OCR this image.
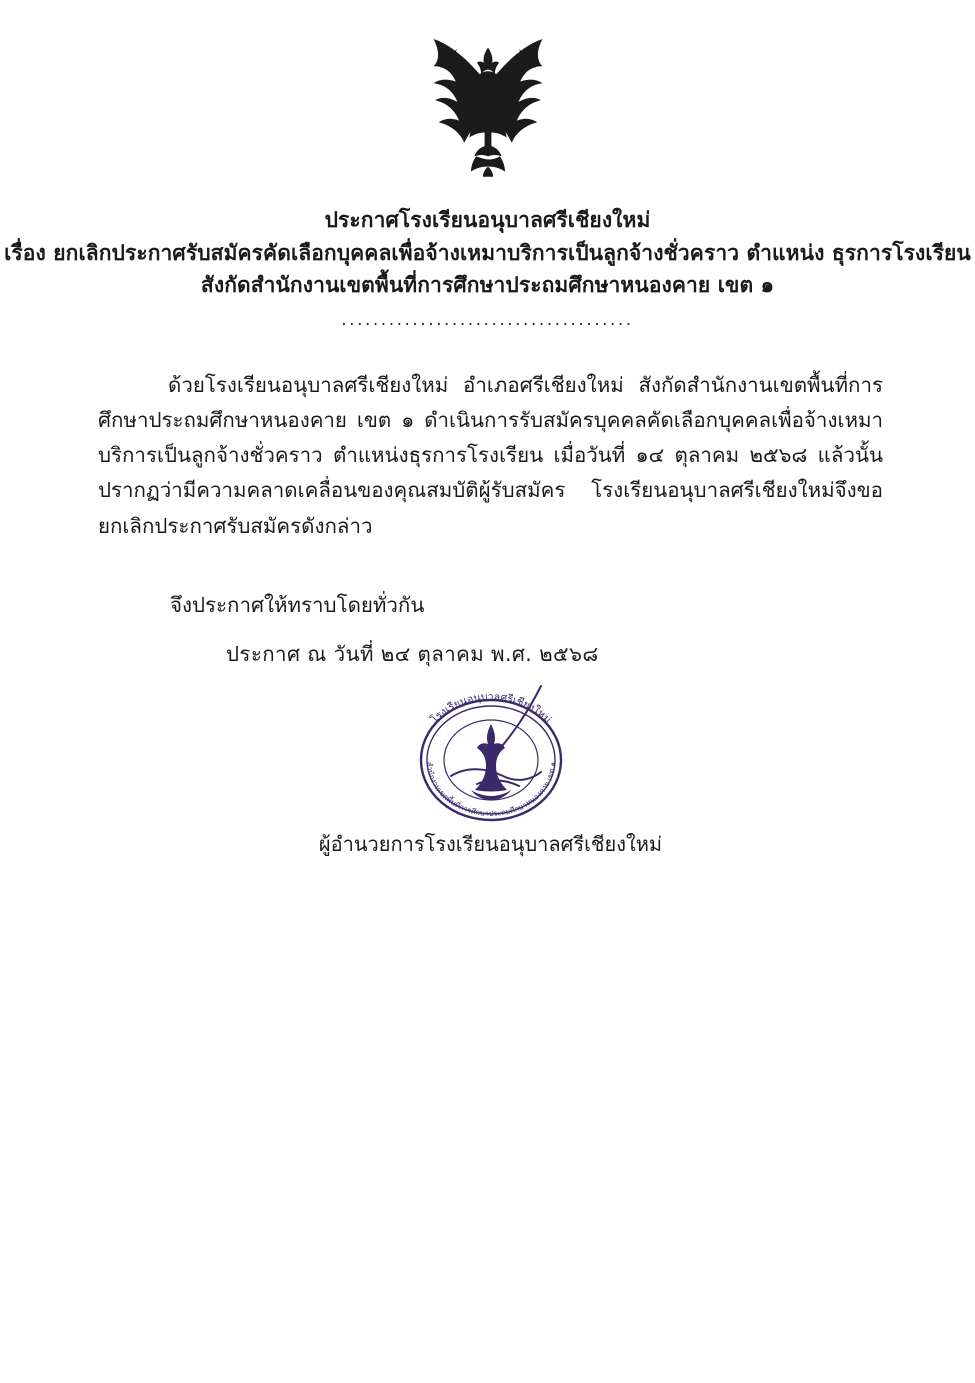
ประกาศโรงเรียนอนุบาลศรีเชียงใหม่
เรื่อง ยกเลิกประกาศรับสมัครคัดเลือกบุคคลเพื่อจ้างเหมาบริการเป็นลูกจ้างชั่วคราว ตำแหน่ง ธุรการโรงเรียน
สังกัดสำนักงานเขตพื้นที่การศึกษาประถมศึกษาหนองคาย เขต ๑
.....................................
ด้วยโรงเรียนอนุบาลศรีเชียงใหม่ อำเภอศรีเชียงใหม่ สังกัดสำนักงานเขตพื้นที่การศึกษาประถมศึกษาหนองคาย เขต ๑ ดำเนินการรับสมัครบุคคลคัดเลือกบุคคลเพื่อจ้างเหมาบริการเป็นลูกจ้างชั่วคราว ตำแหน่งธุรการโรงเรียน เมื่อวันที่ ๑๔ ตุลาคม ๒๕๖๘ แล้วนั้น ปรากฏว่ามีความคลาดเคลื่อนของคุณสมบัติผู้รับสมัคร โรงเรียนอนุบาลศรีเชียงใหม่จึงขอยกเลิกประกาศรับสมัครดังกล่าว
จึงประกาศให้ทราบโดยทั่วกัน
ประกาศ ณ วันที่ ๒๔ ตุลาคม พ.ศ. ๒๕๖๘
โรงเรียนอนุบาลศรีเชียงใหม่
สำนักงานเขตพื้นที่การศึกษาประถมศึกษาหนองคาย เขต ๑
ผู้อำนวยการโรงเรียนอนุบาลศรีเชียงใหม่
